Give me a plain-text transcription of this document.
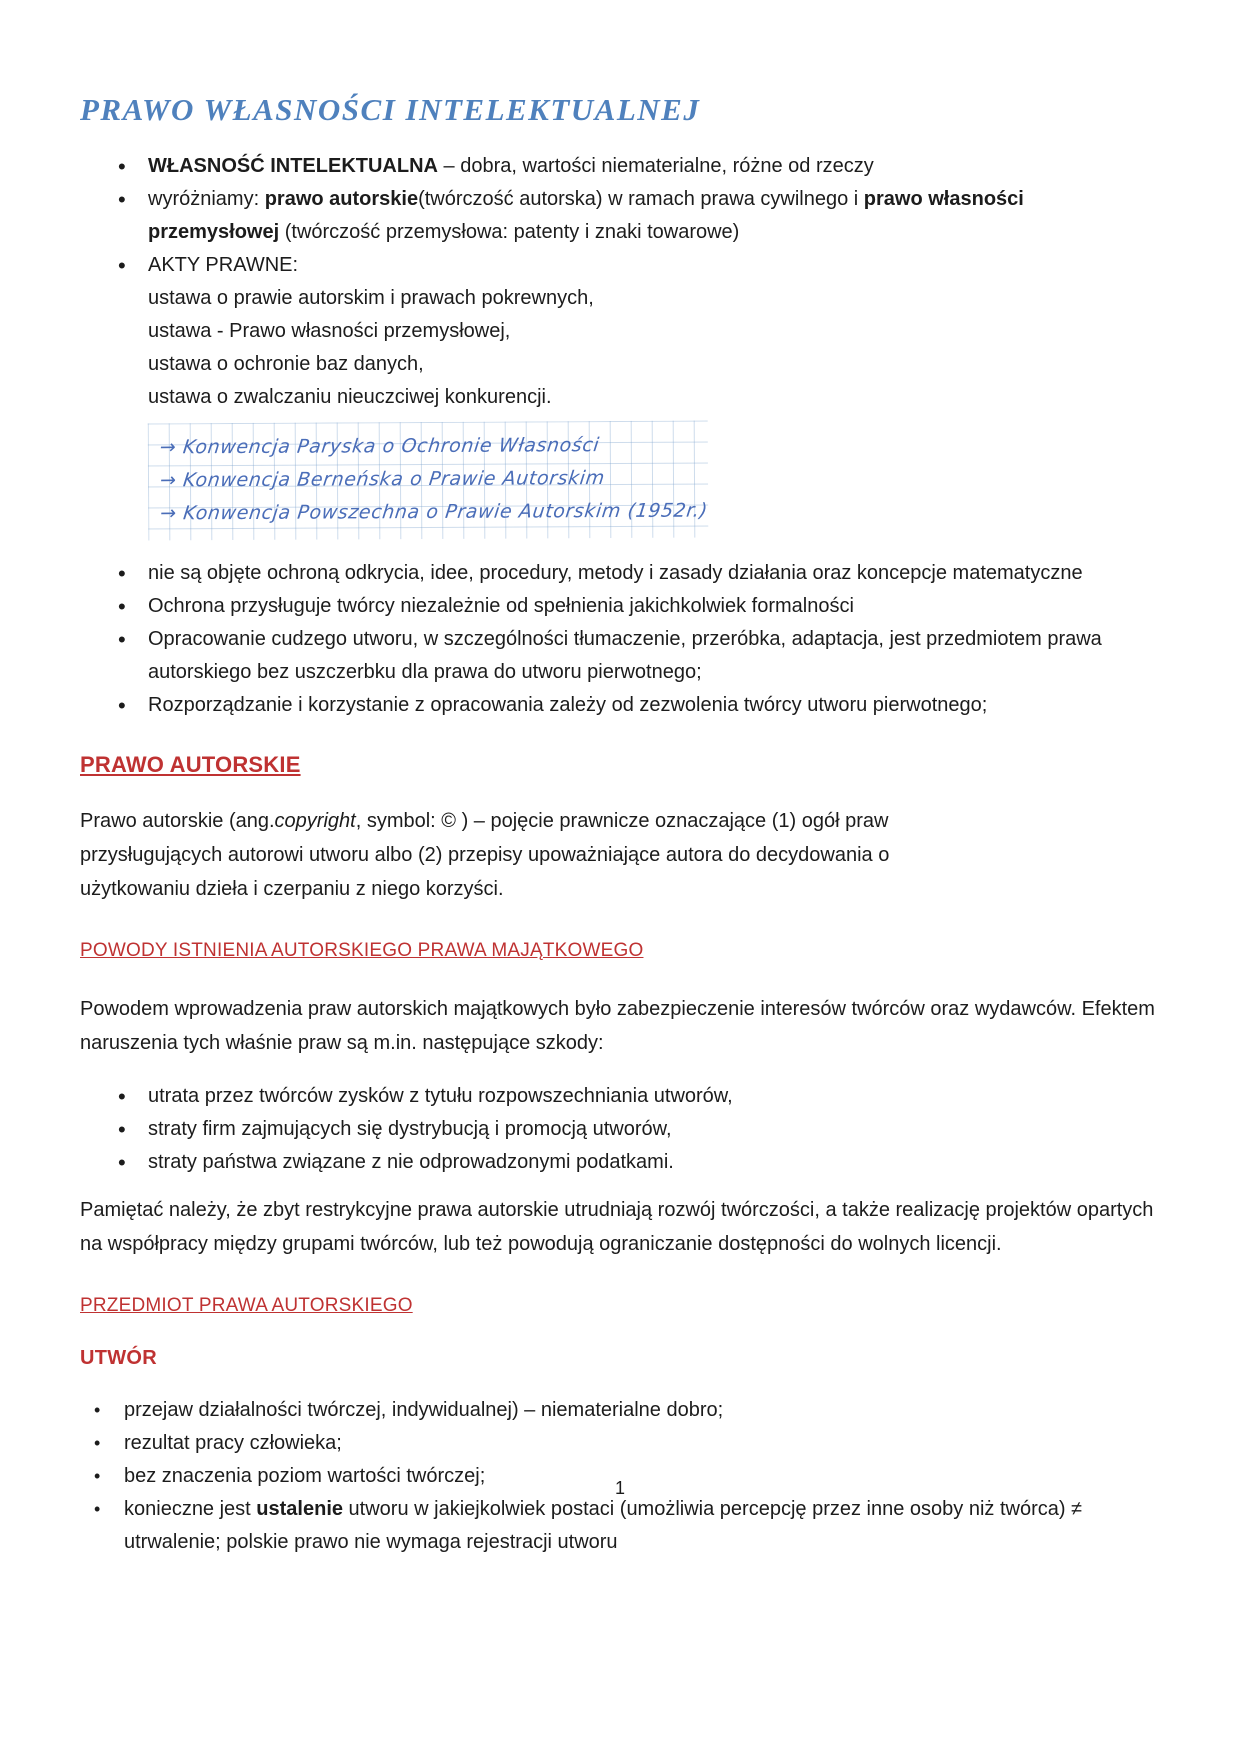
PRAWO WŁASNOŚCI INTELEKTUALNEJ
• WŁASNOŚĆ INTELEKTUALNA – dobra, wartości niematerialne, różne od rzeczy
• wyróżniamy: prawo autorskie(twórczość autorska) w ramach prawa cywilnego i prawo własności przemysłowej (twórczość przemysłowa: patenty i znaki towarowe)
• AKTY PRAWNE:
ustawa o prawie autorskim i prawach pokrewnych,
ustawa - Prawo własności przemysłowej,
ustawa o ochronie baz danych,
ustawa o zwalczaniu nieuczciwej konkurencji.
→ Konwencja Paryska o Ochronie Własności
→ Konwencja Berneńska o Prawie Autorskim
→ Konwencja Powszechna o Prawie Autorskim (1952r.)
• nie są objęte ochroną odkrycia, idee, procedury, metody i zasady działania oraz koncepcje matematyczne
• Ochrona przysługuje twórcy niezależnie od spełnienia jakichkolwiek formalności
• Opracowanie cudzego utworu, w szczególności tłumaczenie, przeróbka, adaptacja, jest przedmiotem prawa autorskiego bez uszczerbku dla prawa do utworu pierwotnego;
• Rozporządzanie i korzystanie z opracowania zależy od zezwolenia twórcy utworu pierwotnego;
PRAWO AUTORSKIE

Prawo autorskie (ang.copyright, symbol: © ) – pojęcie prawnicze oznaczające (1) ogół praw przysługujących autorowi utworu albo (2) przepisy upoważniające autora do decydowania o użytkowaniu dzieła i czerpaniu z niego korzyści.

POWODY ISTNIENIA AUTORSKIEGO PRAWA MAJĄTKOWEGO

Powodem wprowadzenia praw autorskich majątkowych było zabezpieczenie interesów twórców oraz wydawców. Efektem naruszenia tych właśnie praw są m.in. następujące szkody:

• utrata przez twórców zysków z tytułu rozpowszechniania utworów,
• straty firm zajmujących się dystrybucją i promocją utworów,
• straty państwa związane z nie odprowadzonymi podatkami.

Pamiętać należy, że zbyt restrykcyjne prawa autorskie utrudniają rozwój twórczości, a także realizację projektów opartych na współpracy między grupami twórców, lub też powodują ograniczanie dostępności do wolnych licencji.

PRZEDMIOT PRAWA AUTORSKIEGO
UTWÓR
• przejaw działalności twórczej, indywidualnej) – niematerialne dobro;
• rezultat pracy człowieka;
• bez znaczenia poziom wartości twórczej;
• konieczne jest ustalenie utworu w jakiejkolwiek postaci (umożliwia percepcję przez inne osoby niż twórca) ≠ utrwalenie; polskie prawo nie wymaga rejestracji utworu
1
